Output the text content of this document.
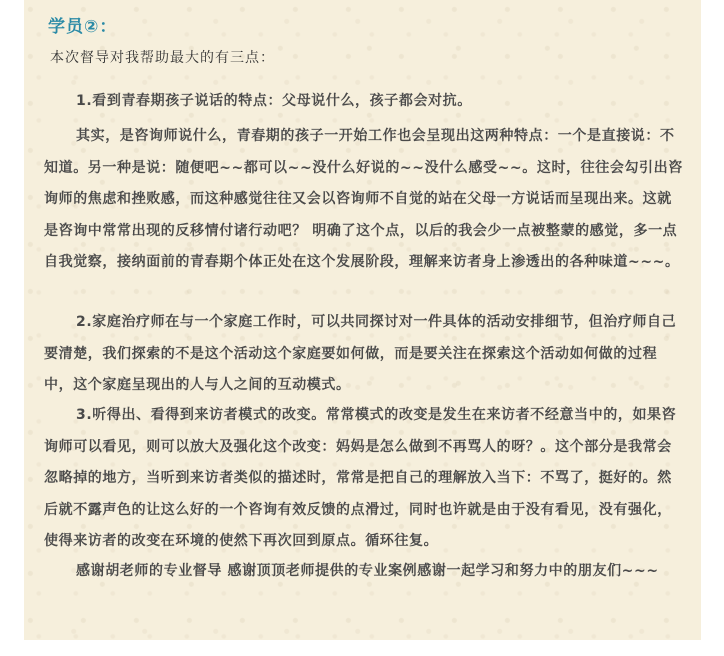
学员②：
本次督导对我帮助最大的有三点：

1.看到青春期孩子说话的特点：父母说什么，孩子都会对抗。

其实，是咨询师说什么，青春期的孩子一开始工作也会呈现出这两种特点：一个是直接说：不知道。另一种是说：随便吧~~都可以~~没什么好说的~~没什么感受~~。这时，往往会勾引出咨询师的焦虑和挫败感，而这种感觉往往又会以咨询师不自觉的站在父母一方说话而呈现出来。这就是咨询中常常出现的反移情付诸行动吧？ 明确了这个点，以后的我会少一点被整蒙的感觉，多一点自我觉察，接纳面前的青春期个体正处在这个发展阶段，理解来访者身上渗透出的各种味道~~~。

2.家庭治疗师在与一个家庭工作时，可以共同探讨对一件具体的活动安排细节，但治疗师自己要清楚，我们探索的不是这个活动这个家庭要如何做，而是要关注在探索这个活动如何做的过程中，这个家庭呈现出的人与人之间的互动模式。

3.听得出、看得到来访者模式的改变。常常模式的改变是发生在来访者不经意当中的，如果咨询师可以看见，则可以放大及强化这个改变：妈妈是怎么做到不再骂人的呀？。这个部分是我常会忽略掉的地方，当听到来访者类似的描述时，常常是把自己的理解放入当下：不骂了，挺好的。然后就不露声色的让这么好的一个咨询有效反馈的点滑过，同时也许就是由于没有看见，没有强化，使得来访者的改变在环境的使然下再次回到原点。循环往复。

感谢胡老师的专业督导 感谢顶顶老师提供的专业案例感谢一起学习和努力中的朋友们~~~
